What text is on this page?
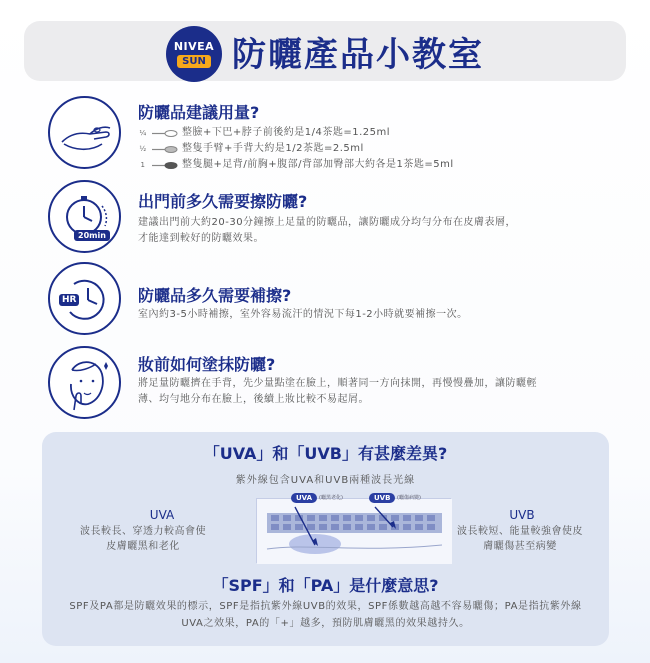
NIVEA
SUN 防曬產品小教室
防曬品建議用量?
¼	整臉+下巴+脖子前後約是1/4茶匙=1.25ml
½	整隻手臂+手背大約是1/2茶匙=2.5ml
1	整隻腿+足背/前胸+腹部/背部加臀部大約各是1茶匙=5ml
20min
出門前多久需要擦防曬?
建議出門前大約20-30分鐘擦上足量的防曬品，讓防曬成分均勻分布在皮膚表層，才能達到較好的防曬效果。
HR	防曬品多久需要補擦?
室內約3-5小時補擦，室外容易流汗的情況下每1-2小時就要補擦一次。
妝前如何塗抹防曬?
將足量防曬擠在手背，先少量點塗在臉上，順著同一方向抹開，再慢慢疊加，讓防曬輕薄、均勻地分布在臉上，後續上妝比較不易起屑。
「UVA」和「UVB」有甚麼差異?
紫外線包含UVA和UVB兩種波長光線
UVA
波長較長、穿透力較高會使皮膚曬黑和老化
UVB
波長較短、能量較強會使皮膚曬傷甚至病變
UVA	(曬黑老化)	UVB	(曬傷病變)
「SPF」和「PA」是什麼意思?
SPF及PA都是防曬效果的標示，SPF是指抗紫外線UVB的效果，SPF係數越高越不容易曬傷；PA是指抗紫外線UVA之效果，PA的「+」越多，預防肌膚曬黑的效果越持久。
